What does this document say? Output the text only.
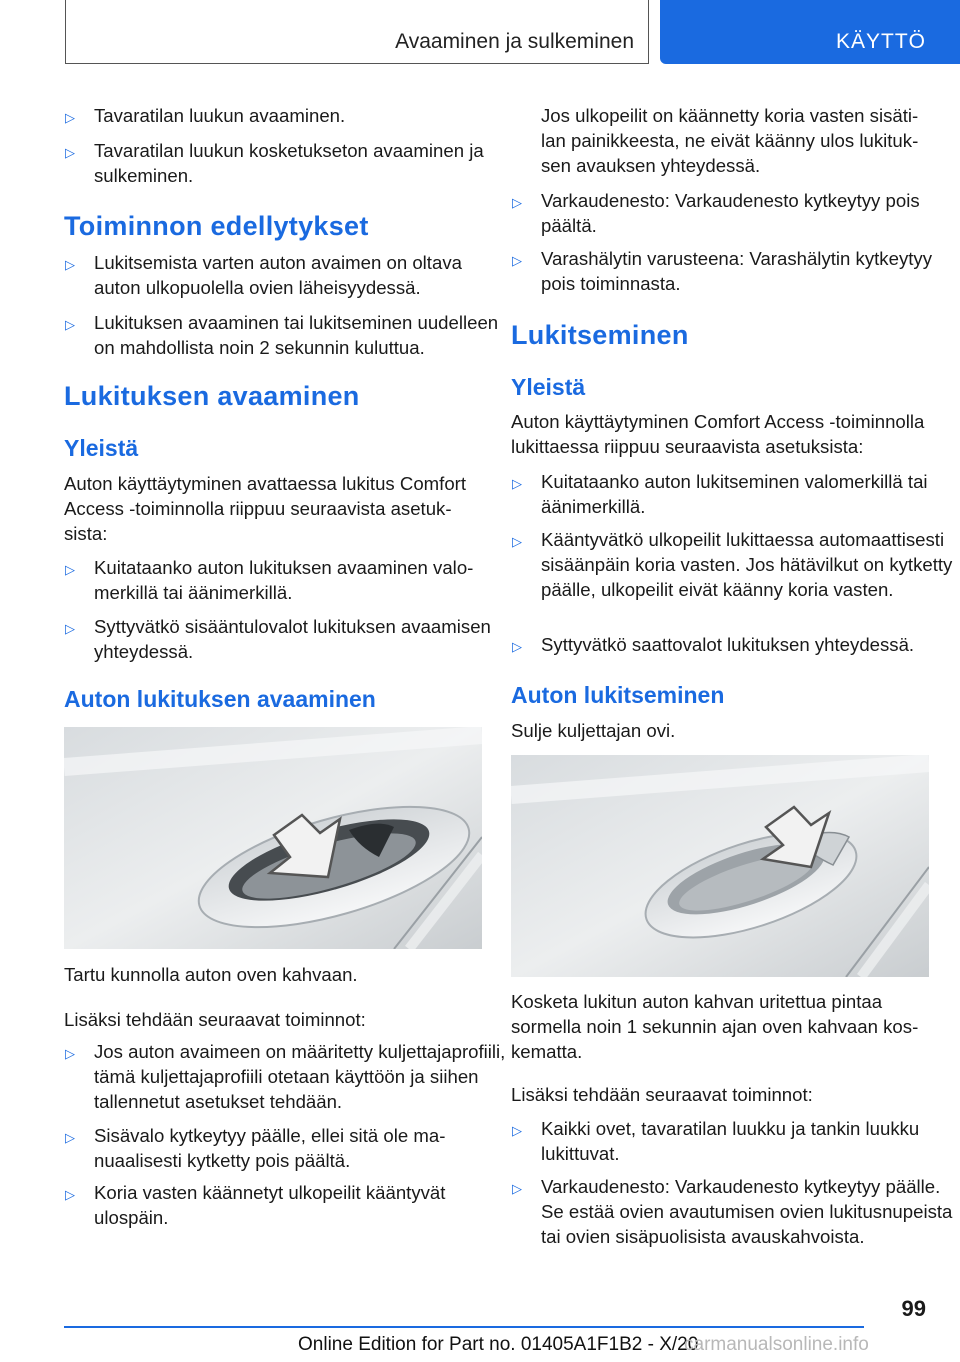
Avaaminen ja sulkeminen	KÄYTTÖ
▷ Tavaratilan luukun avaaminen.
▷ Tavaratilan luukun kosketukseton avaaminen ja sulkeminen.
Toiminnon edellytykset
▷ Lukitsemista varten auton avaimen on oltava auton ulkopuolella ovien läheisyydessä.
▷ Lukituksen avaaminen tai lukitseminen uudelleen on mahdollista noin 2 sekunnin kuluttua.
Lukituksen avaaminen
Yleistä

Auton käyttäytyminen avattaessa lukitus Comfort Access ‑toiminnolla riippuu seuraavista asetuksista:

▷ Kuitataanko auton lukituksen avaaminen valomerkillä tai äänimerkillä.
▷ Syttyvätkö sisääntulovalot lukituksen avaamisen yhteydessä.
Auton lukituksen avaaminen

Tartu kunnolla auton oven kahvaan.

Lisäksi tehdään seuraavat toiminnot:

▷ Jos auton avaimeen on määritetty kuljettajaprofiili, tämä kuljettajaprofiili otetaan käyttöön ja siihen tallennetut asetukset tehdään.
▷ Sisävalo kytkeytyy päälle, ellei sitä ole manuaalisesti kytketty pois päältä.
▷ Koria vasten käännetyt ulkopeilit kääntyvät ulospäin.

Jos ulkopeilit on käännetty koria vasten sisätilan painikkeesta, ne eivät käänny ulos lukituksen avauksen yhteydessä.

▷ Varkaudenesto: Varkaudenesto kytkeytyy pois päältä.
▷ Varashälytin varusteena: Varashälytin kytkeytyy pois toiminnasta.
Lukitseminen
Yleistä

Auton käyttäytyminen Comfort Access ‑toiminnolla lukittaessa riippuu seuraavista asetuksista:

▷ Kuitataanko auton lukitseminen valomerkillä tai äänimerkillä.
▷ Kääntyvätkö ulkopeilit lukittaessa automaattisesti sisäänpäin koria vasten. Jos hätävilkut on kytketty päälle, ulkopeilit eivät käänny koria vasten.
▷ Syttyvätkö saattovalot lukituksen yhteydessä.
Auton lukitseminen

Sulje kuljettajan ovi.

Kosketa lukitun auton kahvan uritettua pintaa sormella noin 1 sekunnin ajan oven kahvaan koskematta.

Lisäksi tehdään seuraavat toiminnot:

▷ Kaikki ovet, tavaratilan luukku ja tankin luukku lukittuvat.
▷ Varkaudenesto: Varkaudenesto kytkeytyy päälle. Se estää ovien avautumisen ovien lukitusnupeista tai ovien sisäpuolisista avauskahvoista.
99
Online Edition for Part no. 01405A1F1B2 - X/20
carmanualsonline.info
